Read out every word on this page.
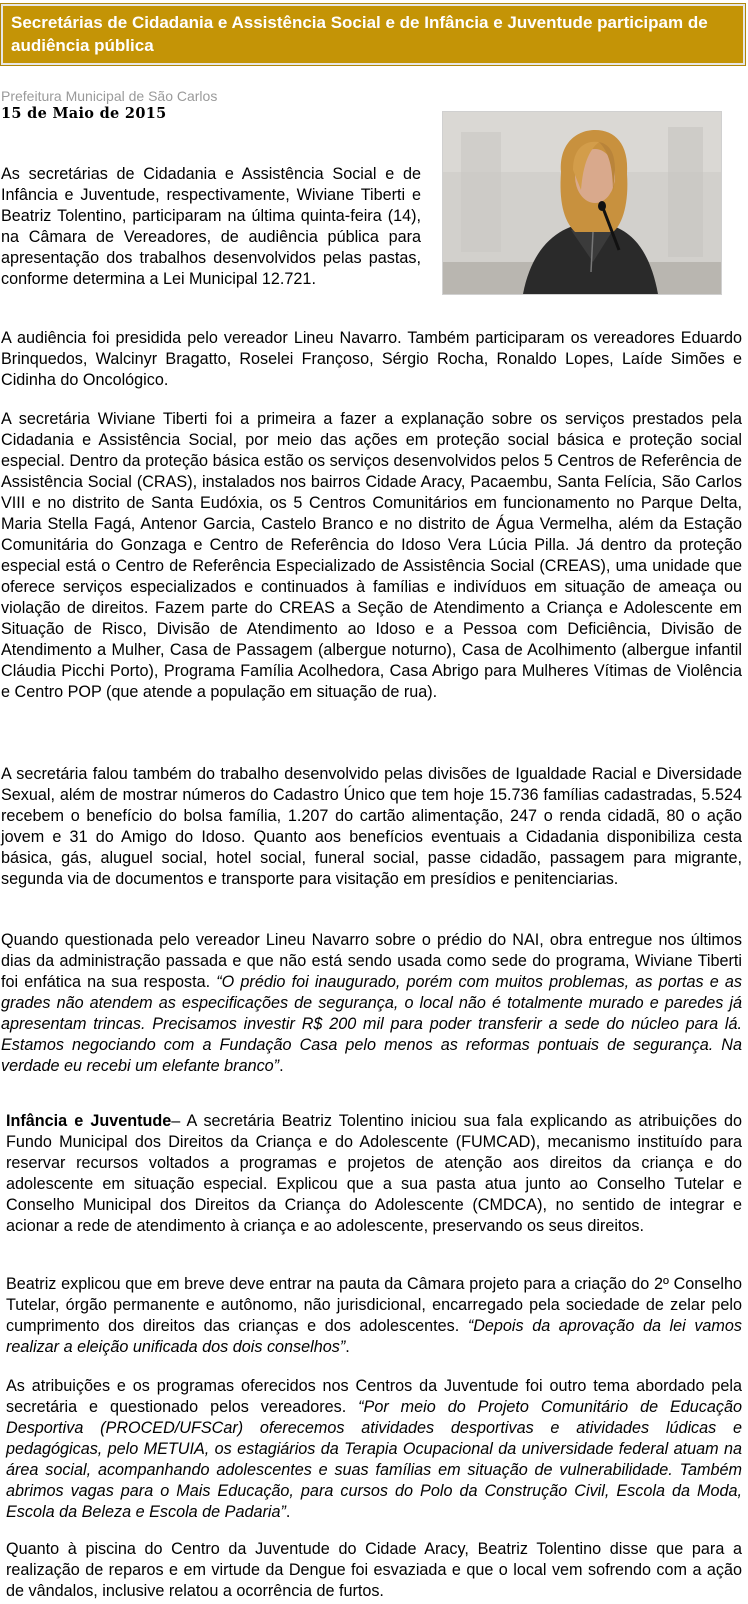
Secretárias de Cidadania e Assistência Social e de Infância e Juventude participam de audiência pública
Prefeitura Municipal de São Carlos
15 de Maio de 2015

As secretárias de Cidadania e Assistência Social e de Infância e Juventude, respectivamente, Wiviane Tiberti e Beatriz Tolentino, participaram na última quinta-feira (14), na Câmara de Vereadores, de audiência pública para apresentação dos trabalhos desenvolvidos pelas pastas, conforme determina a Lei Municipal 12.721.

A audiência foi presidida pelo vereador Lineu Navarro. Também participaram os vereadores Eduardo Brinquedos, Walcinyr Bragatto, Roselei Françoso, Sérgio Rocha, Ronaldo Lopes, Laíde Simões e Cidinha do Oncológico.

A secretária Wiviane Tiberti foi a primeira a fazer a explanação sobre os serviços prestados pela Cidadania e Assistência Social, por meio das ações em proteção social básica e proteção social especial. Dentro da proteção básica estão os serviços desenvolvidos pelos 5 Centros de Referência de Assistência Social (CRAS), instalados nos bairros Cidade Aracy, Pacaembu, Santa Felícia, São Carlos VIII e no distrito de Santa Eudóxia, os 5 Centros Comunitários em funcionamento no Parque Delta, Maria Stella Fagá, Antenor Garcia, Castelo Branco e no distrito de Água Vermelha, além da Estação Comunitária do Gonzaga e Centro de Referência do Idoso Vera Lúcia Pilla. Já dentro da proteção especial está o Centro de Referência Especializado de Assistência Social (CREAS), uma unidade que oferece serviços especializados e continuados à famílias e indivíduos em situação de ameaça ou violação de direitos. Fazem parte do CREAS a Seção de Atendimento a Criança e Adolescente em Situação de Risco, Divisão de Atendimento ao Idoso e a Pessoa com Deficiência, Divisão de Atendimento a Mulher, Casa de Passagem (albergue noturno), Casa de Acolhimento (albergue infantil Cláudia Picchi Porto), Programa Família Acolhedora, Casa Abrigo para Mulheres Vítimas de Violência e Centro POP (que atende a população em situação de rua).

A secretária falou também do trabalho desenvolvido pelas divisões de Igualdade Racial e Diversidade Sexual, além de mostrar números do Cadastro Único que tem hoje 15.736 famílias cadastradas, 5.524 recebem o benefício do bolsa família, 1.207 do cartão alimentação, 247 o renda cidadã, 80 o ação jovem e 31 do Amigo do Idoso. Quanto aos benefícios eventuais a Cidadania disponibiliza cesta básica, gás, aluguel social, hotel social, funeral social, passe cidadão, passagem para migrante, segunda via de documentos e transporte para visitação em presídios e penitenciarias.

Quando questionada pelo vereador Lineu Navarro sobre o prédio do NAI, obra entregue nos últimos dias da administração passada e que não está sendo usada como sede do programa, Wiviane Tiberti foi enfática na sua resposta. “O prédio foi inaugurado, porém com muitos problemas, as portas e as grades não atendem as especificações de segurança, o local não é totalmente murado e paredes já apresentam trincas. Precisamos investir R$ 200 mil para poder transferir a sede do núcleo para lá. Estamos negociando com a Fundação Casa pelo menos as reformas pontuais de segurança. Na verdade eu recebi um elefante branco”.

Infância e Juventude– A secretária Beatriz Tolentino iniciou sua fala explicando as atribuições do Fundo Municipal dos Direitos da Criança e do Adolescente (FUMCAD), mecanismo instituído para reservar recursos voltados a programas e projetos de atenção aos direitos da criança e do adolescente em situação especial. Explicou que a sua pasta atua junto ao Conselho Tutelar e Conselho Municipal dos Direitos da Criança do Adolescente (CMDCA), no sentido de integrar e acionar a rede de atendimento à criança e ao adolescente, preservando os seus direitos.

Beatriz explicou que em breve deve entrar na pauta da Câmara projeto para a criação do 2º Conselho Tutelar, órgão permanente e autônomo, não jurisdicional, encarregado pela sociedade de zelar pelo cumprimento dos direitos das crianças e dos adolescentes. “Depois da aprovação da lei vamos realizar a eleição unificada dos dois conselhos”.

As atribuições e os programas oferecidos nos Centros da Juventude foi outro tema abordado pela secretária e questionado pelos vereadores. “Por meio do Projeto Comunitário de Educação Desportiva (PROCED/UFSCar) oferecemos atividades desportivas e atividades lúdicas e pedagógicas, pelo METUIA, os estagiários da Terapia Ocupacional da universidade federal atuam na área social, acompanhando adolescentes e suas famílias em situação de vulnerabilidade. Também abrimos vagas para o Mais Educação, para cursos do Polo da Construção Civil, Escola da Moda, Escola da Beleza e Escola de Padaria”.

Quanto à piscina do Centro da Juventude do Cidade Aracy, Beatriz Tolentino disse que para a realização de reparos e em virtude da Dengue foi esvaziada e que o local vem sofrendo com a ação de vândalos, inclusive relatou a ocorrência de furtos.
